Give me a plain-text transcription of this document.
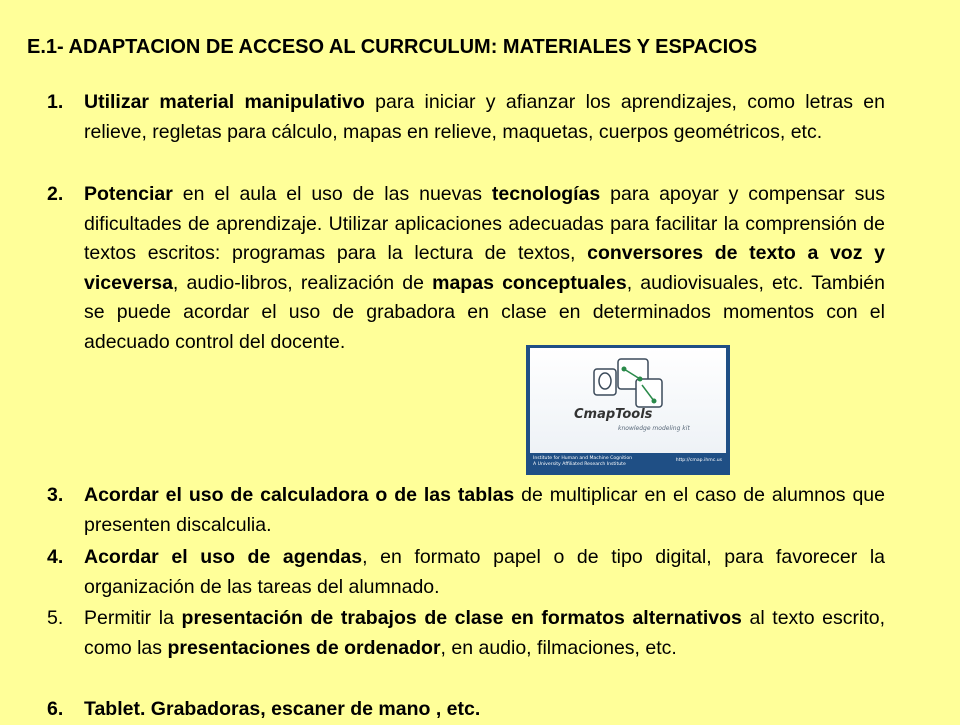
E.1- ADAPTACION DE ACCESO AL CURRCULUM: MATERIALES Y ESPACIOS
1.	Utilizar material manipulativo para iniciar y afianzar los aprendizajes, como letras en relieve, regletas para cálculo, mapas en relieve, maquetas, cuerpos geométricos, etc.
2.	Potenciar en el aula el uso de las nuevas tecnologías para apoyar y compensar sus dificultades de aprendizaje. Utilizar aplicaciones adecuadas para facilitar la comprensión de textos escritos: programas para la lectura de textos, conversores de texto a voz y viceversa, audio-libros, realización de mapas conceptuales, audiovisuales, etc. También se puede acordar el uso de grabadora en clase en determinados momentos con el adecuado control del docente.
CmapTools
knowledge modeling kit
Institute for Human and Machine Cognition
A University Affiliated Research Institute
http://cmap.ihmc.us
3.	Acordar el uso de calculadora o de las tablas de multiplicar en el caso de alumnos que presenten discalculia.
4.	Acordar el uso de agendas, en formato papel o de tipo digital, para favorecer la organización de las tareas del alumnado.
5.	Permitir la presentación de trabajos de clase en formatos alternativos al texto escrito, como las presentaciones de ordenador, en audio, filmaciones, etc.
6.	Tablet. Grabadoras, escaner de mano , etc.
